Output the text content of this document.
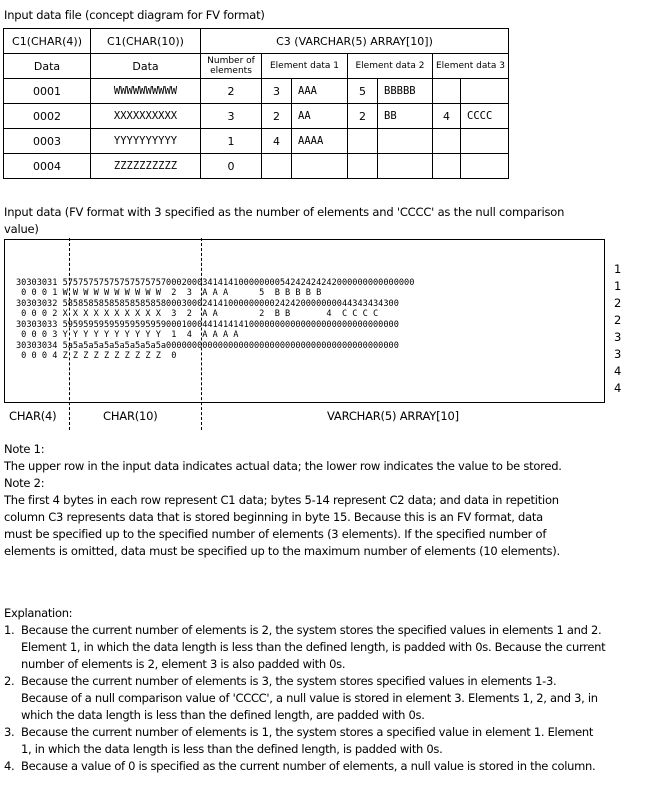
Input data file (concept diagram for FV format)
C1(CHAR(4))	C1(CHAR(10))	C3 (VARCHAR(5) ARRAY[10])						
Data	Data	Number of elements	Element data 1		Element data 2		Element data 3	
0001	WWWWWWWWWW	2	3	AAA	5	BBBBB		
0002	XXXXXXXXXX	3	2	AA	2	BB	4	CCCC
0003	YYYYYYYYYY	1	4	AAAA				
0004	ZZZZZZZZZZ	0						
Input data (FV format with 3 specified as the number of elements and 'CCCC' as the null comparison
value)
30303031 57575757575757575757000200034141410000000054242424242000000000000000
0 0 0 1 W W W W W W W W W W  2  3  A A A      5  B B B B B
30303032 58585858585858585858000300024141000000000242420000000044343434300
0 0 0 2 X X X X X X X X X X  3  2  A A        2  B B       4  C C C C
30303033 59595959595959595959000100044141414100000000000000000000000000000
0 0 0 3 Y Y Y Y Y Y Y Y Y Y  1  4  A A A A
30303034 5a5a5a5a5a5a5a5a5a5a000000000000000000000000000000000000000000000
0 0 0 4 Z Z Z Z Z Z Z Z Z Z  0
1
1
2
2
3
3
4
4
CHAR(4)	CHAR(10)	VARCHAR(5) ARRAY[10]
Note 1:
The upper row in the input data indicates actual data; the lower row indicates the value to be stored.
Note 2:
The first 4 bytes in each row represent C1 data; bytes 5-14 represent C2 data; and data in repetition
column C3 represents data that is stored beginning in byte 15. Because this is an FV format, data
must be specified up to the specified number of elements (3 elements). If the specified number of
elements is omitted, data must be specified up to the maximum number of elements (10 elements).
Explanation:
1. Because the current number of elements is 2, the system stores the specified values in elements 1 and 2.
Element 1, in which the data length is less than the defined length, is padded with 0s. Because the current
number of elements is 2, element 3 is also padded with 0s.
2. Because the current number of elements is 3, the system stores specified values in elements 1-3.
Because of a null comparison value of 'CCCC', a null value is stored in element 3. Elements 1, 2, and 3, in
which the data length is less than the defined length, are padded with 0s.
3. Because the current number of elements is 1, the system stores a specified value in element 1. Element
1, in which the data length is less than the defined length, is padded with 0s.
4. Because a value of 0 is specified as the current number of elements, a null value is stored in the column.
